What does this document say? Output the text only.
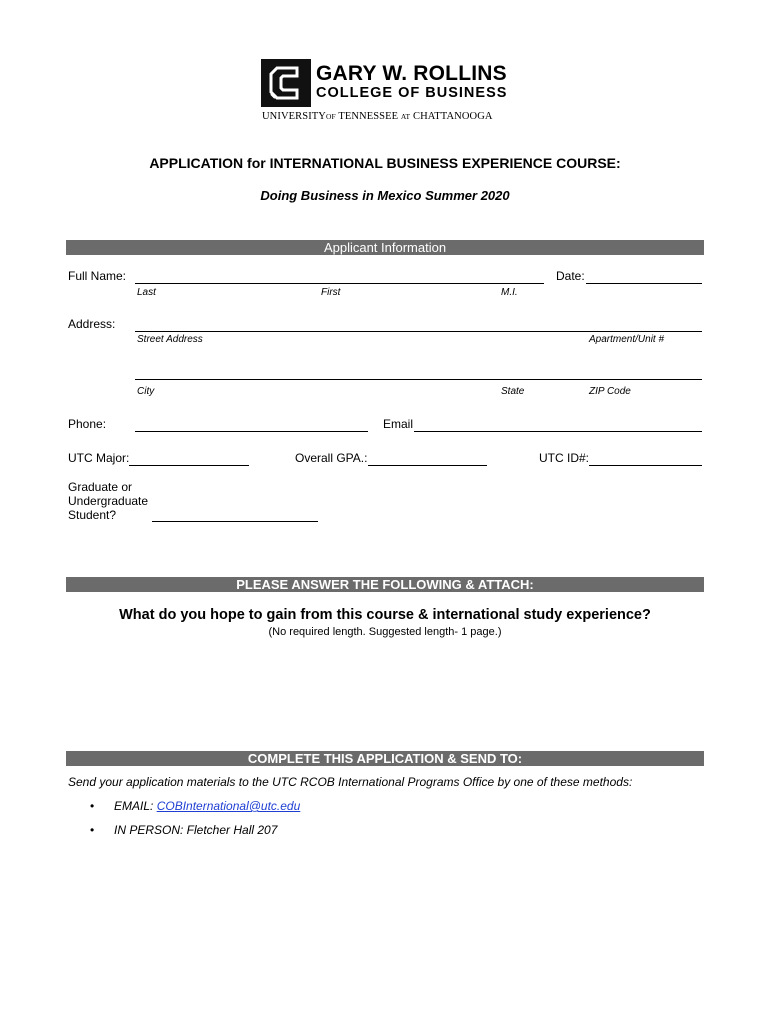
GARY W. ROLLINS
COLLEGE OF BUSINESS
UNIVERSITYOF TENNESSEE AT CHATTANOOGA
APPLICATION for INTERNATIONAL BUSINESS EXPERIENCE COURSE:
Doing Business in Mexico Summer 2020
Applicant Information
Full Name:
Last	First	M.I.
Date:
Address:
Street Address	Apartment/Unit #
City	State	ZIP Code
Phone:	Email
UTC Major:	Overall GPA.:	UTC ID#:
Graduate or
Undergraduate
Student?
PLEASE ANSWER THE FOLLOWING & ATTACH:
What do you hope to gain from this course & international study experience?
(No required length. Suggested length- 1 page.)
COMPLETE THIS APPLICATION & SEND TO:
Send your application materials to the UTC RCOB International Programs Office by one of these methods:
• EMAIL: COBInternational@utc.edu
• IN PERSON: Fletcher Hall 207
